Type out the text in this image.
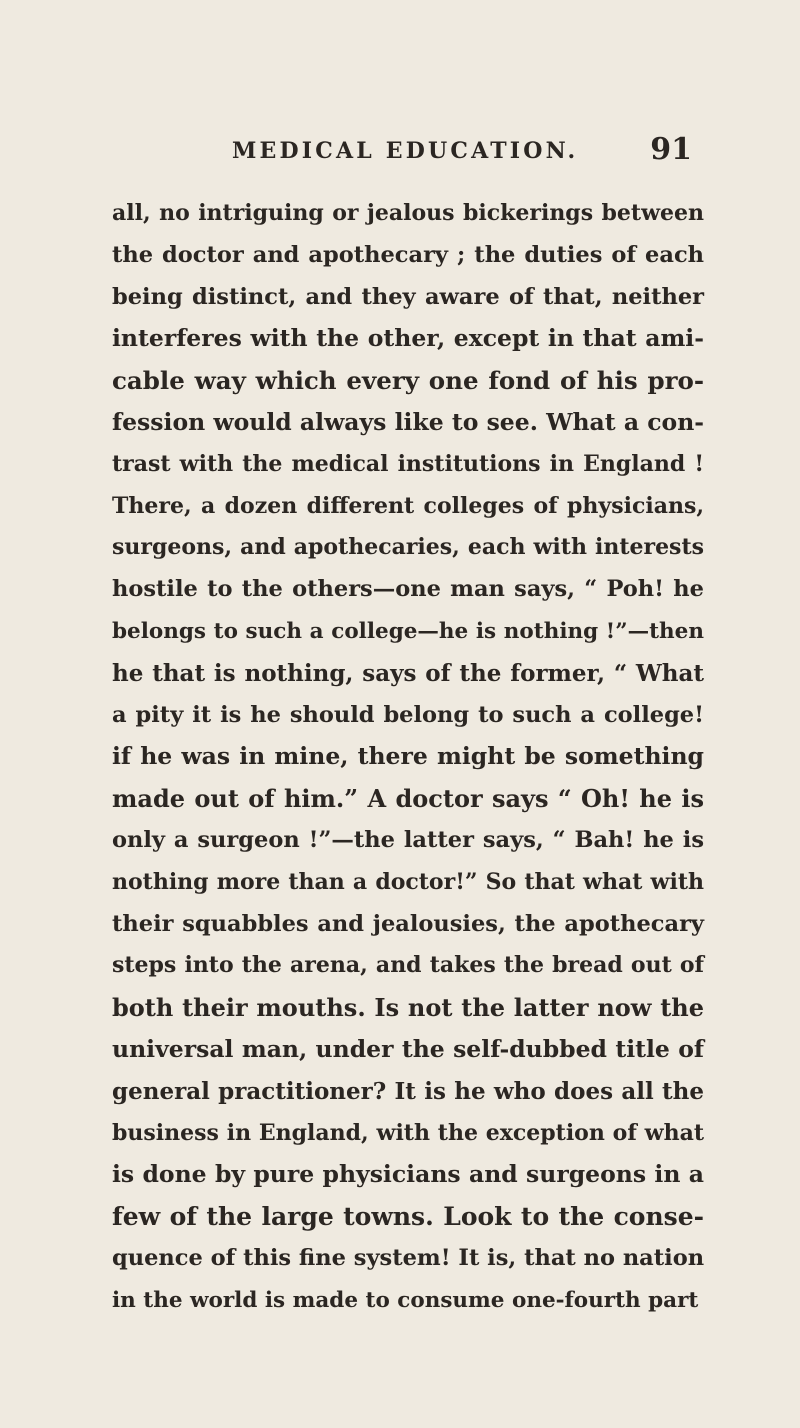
MEDICAL EDUCATION. 91
all, no intriguing or jealous bickerings between
the doctor and apothecary ; the duties of each
being distinct, and they aware of that, neither
interferes with the other, except in that ami-
cable way which every one fond of his pro-
fession would always like to see. What a con-
trast with the medical institutions in England !
There, a dozen different colleges of physicians,
surgeons, and apothecaries, each with interests
hostile to the others—one man says, “ Poh! he
belongs to such a college—he is nothing !”—then
he that is nothing, says of the former, “ What
a pity it is he should belong to such a college!
if he was in mine, there might be something
made out of him.” A doctor says “ Oh! he is
only a surgeon !”—the latter says, “ Bah! he is
nothing more than a doctor!” So that what with
their squabbles and jealousies, the apothecary
steps into the arena, and takes the bread out of
both their mouths. Is not the latter now the
universal man, under the self-dubbed title of
general practitioner? It is he who does all the
business in England, with the exception of what
is done by pure physicians and surgeons in a
few of the large towns. Look to the conse-
quence of this fine system! It is, that no nation
in the world is made to consume one-fourth part
